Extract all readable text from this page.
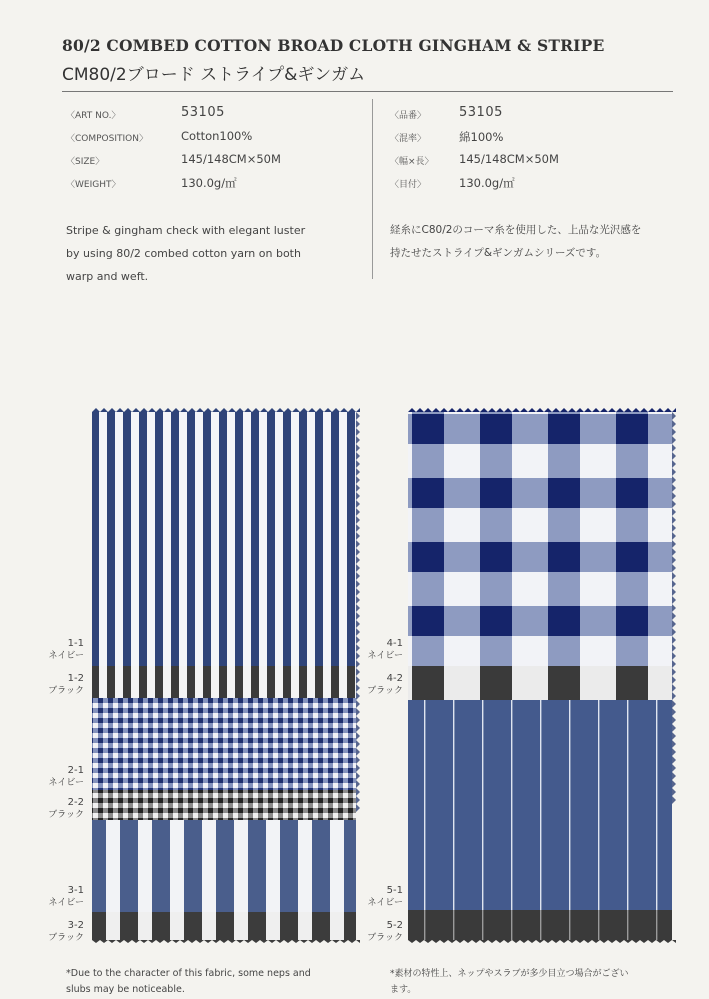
80/2 COMBED COTTON BROAD CLOTH GINGHAM & STRIPE
CM80/2ブロード ストライプ&ギンガム
〈ART NO.〉	53105
〈COMPOSITION〉	Cotton100%
〈SIZE〉	145/148CM×50M
〈WEIGHT〉	130.0g/㎡
〈品番〉	53105
〈混率〉	綿100%
〈幅×長〉 145/148CM×50M
〈目付〉	130.0g/㎡
Stripe & gingham check with elegant luster
by using 80/2 combed cotton yarn on both
warp and weft.
経糸にC80/2のコーマ糸を使用した、上品な光沢感を
持たせたストライプ&ギンガムシリーズです。
1-1
ネイビー
1-2
ブラック
2-1
ネイビー
2-2
ブラック
3-1
ネイビー
3-2
ブラック
4-1
ネイビー
4-2
ブラック
5-1
ネイビー
5-2
ブラック
*Due to the character of this fabric, some neps and
slubs may be noticeable.
*素材の特性上、ネップやスラブが多少目立つ場合がござい
ます。
